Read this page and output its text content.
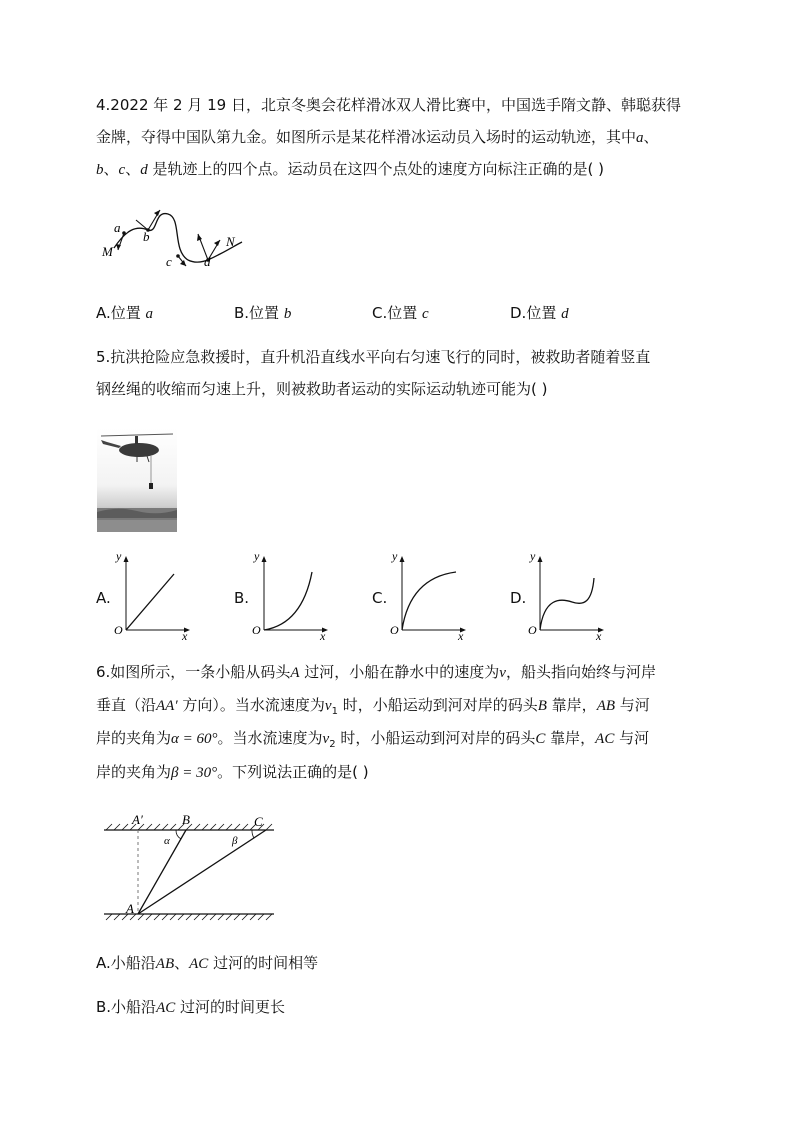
4.2022 年 2 月 19 日，北京冬奥会花样滑冰双人滑比赛中，中国选手隋文静、韩聪获得
金牌，夺得中国队第九金。如图所示是某花样滑冰运动员入场时的运动轨迹，其中a、
b、c、d 是轨迹上的四个点。运动员在这四个点处的速度方向标注正确的是( )
M
N
a
b
c d
A.位置 a	B.位置 b	C.位置 c	D.位置 d
5.抗洪抢险应急救援时，直升机沿直线水平向右匀速飞行的同时，被救助者随着竖直
钢丝绳的收缩而匀速上升，则被救助者运动的实际运动轨迹可能为( )
A.
y
x
O
B.
y
x
O
C.
y
x
O
D.
y
x
O
6.如图所示，一条小船从码头A 过河，小船在静水中的速度为v，船头指向始终与河岸
垂直（沿AA′ 方向）。当水流速度为$v_1$ 时，小船运动到河对岸的码头B 靠岸，AB 与河
岸的夹角为α = 60°。当水流速度为$v_2$ 时，小船运动到河对岸的码头C 靠岸，AC 与河
岸的夹角为β = 30°。下列说法正确的是( )
A′	B	C
A
α	β
A.小船沿AB、AC 过河的时间相等
B.小船沿AC 过河的时间更长
